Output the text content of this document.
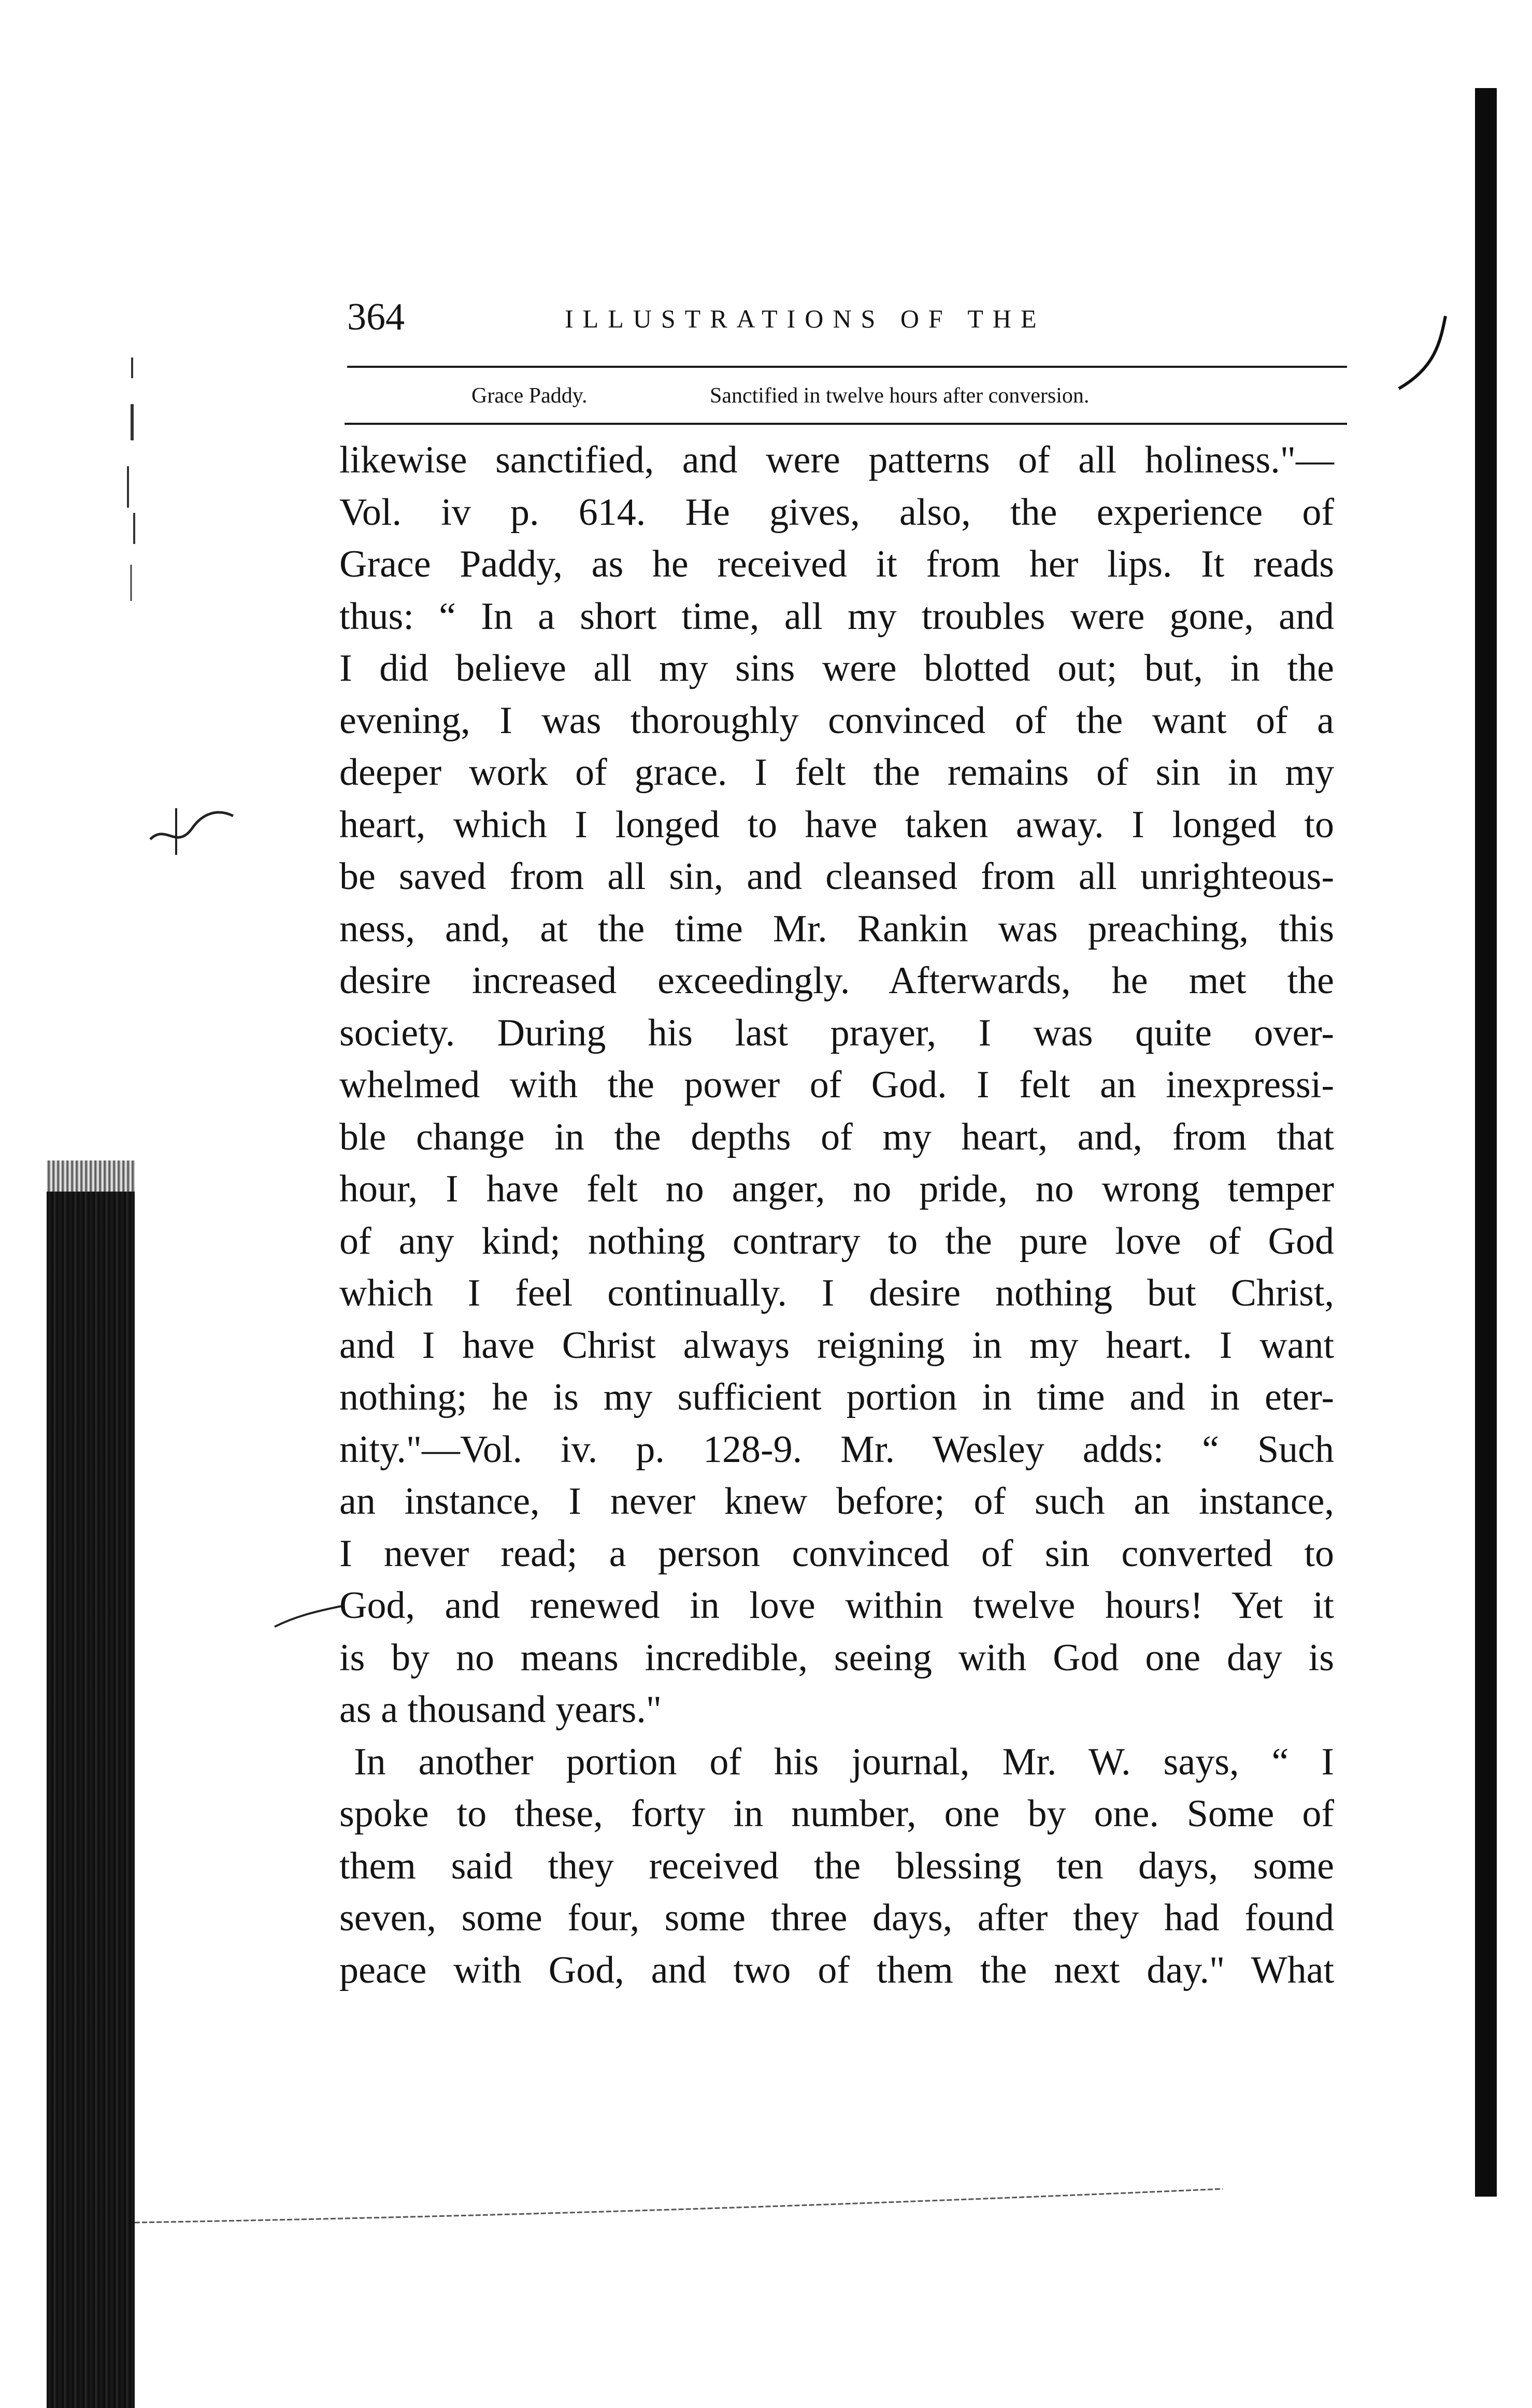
364	ILLUSTRATIONS OF THE
Grace Paddy.	Sanctified in twelve hours after conversion.
likewise sanctified, and were patterns of all holiness."—
Vol. iv p. 614. He gives, also, the experience of
Grace Paddy, as he received it from her lips. It reads
thus: “ In a short time, all my troubles were gone, and
I did believe all my sins were blotted out; but, in the
evening, I was thoroughly convinced of the want of a
deeper work of grace. I felt the remains of sin in my
heart, which I longed to have taken away. I longed to
be saved from all sin, and cleansed from all unrighteous-
ness, and, at the time Mr. Rankin was preaching, this
desire increased exceedingly. Afterwards, he met the
society. During his last prayer, I was quite over-
whelmed with the power of God. I felt an inexpressi-
ble change in the depths of my heart, and, from that
hour, I have felt no anger, no pride, no wrong temper
of any kind; nothing contrary to the pure love of God
which I feel continually. I desire nothing but Christ,
and I have Christ always reigning in my heart. I want
nothing; he is my sufficient portion in time and in eter-
nity."—Vol. iv. p. 128-9. Mr. Wesley adds: “ Such
an instance, I never knew before; of such an instance,
I never read; a person convinced of sin converted to
God, and renewed in love within twelve hours! Yet it
is by no means incredible, seeing with God one day is
as a thousand years."
In another portion of his journal, Mr. W. says, “ I
spoke to these, forty in number, one by one. Some of
them said they received the blessing ten days, some
seven, some four, some three days, after they had found
peace with God, and two of them the next day." What
